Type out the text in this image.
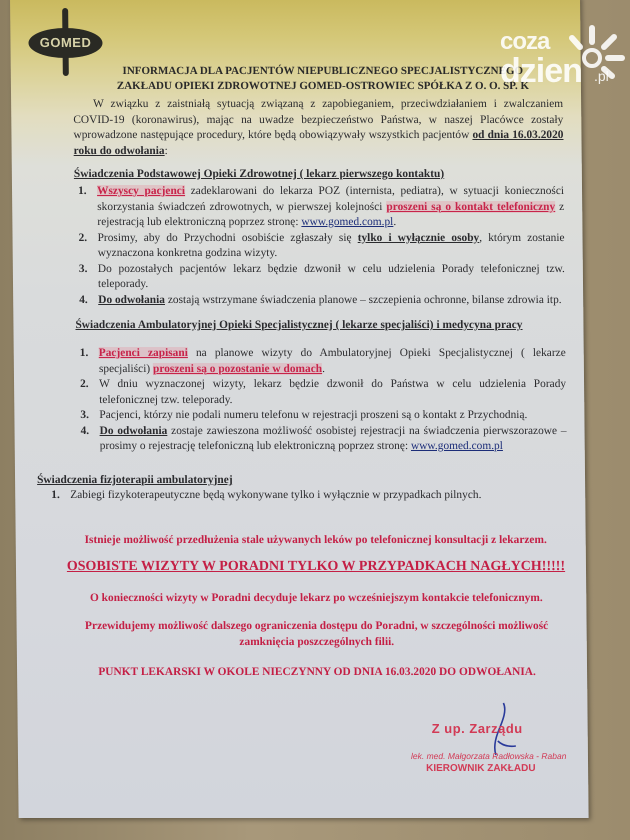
GOMED
INFORMACJA DLA PACJENTÓW NIEPUBLICZNEGO SPECJALISTYCZNEGO
ZAKŁADU OPIEKI ZDROWOTNEJ GOMED-OSTROWIEC SPÓŁKA Z O. O. SP. K
W związku z zaistniałą sytuacją związaną z zapobieganiem, przeciwdziałaniem i zwalczaniem COVID-19 (koronawirus), mając na uwadze bezpieczeństwo Państwa, w naszej Placówce zostały wprowadzone następujące procedury, które będą obowiązywały wszystkich pacjentów od dnia 16.03.2020 roku do odwołania:
Świadczenia Podstawowej Opieki Zdrowotnej ( lekarz pierwszego kontaktu)
1. Wszyscy pacjenci zadeklarowani do lekarza POZ (internista, pediatra), w sytuacji konieczności skorzystania świadczeń zdrowotnych, w pierwszej kolejności proszeni są o kontakt telefoniczny z rejestracją lub elektroniczną poprzez stronę: www.gomed.com.pl.
2. Prosimy, aby do Przychodni osobiście zgłaszały się tylko i wyłącznie osoby, którym zostanie wyznaczona konkretna godzina wizyty.
3. Do pozostałych pacjentów lekarz będzie dzwonił w celu udzielenia Porady telefonicznej tzw. teleporady.
4. Do odwołania zostają wstrzymane świadczenia planowe – szczepienia ochronne, bilanse zdrowia itp.
Świadczenia Ambulatoryjnej Opieki Specjalistycznej ( lekarze specjaliści) i medycyna pracy
1. Pacjenci zapisani na planowe wizyty do Ambulatoryjnej Opieki Specjalistycznej ( lekarze specjaliści) proszeni są o pozostanie w domach.
2. W dniu wyznaczonej wizyty, lekarz będzie dzwonił do Państwa w celu udzielenia Porady telefonicznej tzw. teleporady.
3. Pacjenci, którzy nie podali numeru telefonu w rejestracji proszeni są o kontakt z Przychodnią.
4. Do odwołania zostaje zawieszona możliwość osobistej rejestracji na świadczenia pierwszorazowe – prosimy o rejestrację telefoniczną lub elektroniczną poprzez stronę: www.gomed.com.pl
Świadczenia fizjoterapii ambulatoryjnej
1. Zabiegi fizykoterapeutyczne będą wykonywane tylko i wyłącznie w przypadkach pilnych.
Istnieje możliwość przedłużenia stale używanych leków po telefonicznej konsultacji z lekarzem.
OSOBISTE WIZYTY W PORADNI TYLKO W PRZYPADKACH NAGŁYCH!!!!!
O konieczności wizyty w Poradni decyduje lekarz po wcześniejszym kontakcie telefonicznym.
Przewidujemy możliwość dalszego ograniczenia dostępu do Poradni, w szczególności możliwość zamknięcia poszczególnych filii.
PUNKT LEKARSKI W OKOLE NIECZYNNY OD DNIA 16.03.2020 DO ODWOŁANIA.
Z up. Zarządu
lek. med. Małgorzata Radłowska - Raban
KIEROWNIK ZAKŁADU
coza
dzien .pl
